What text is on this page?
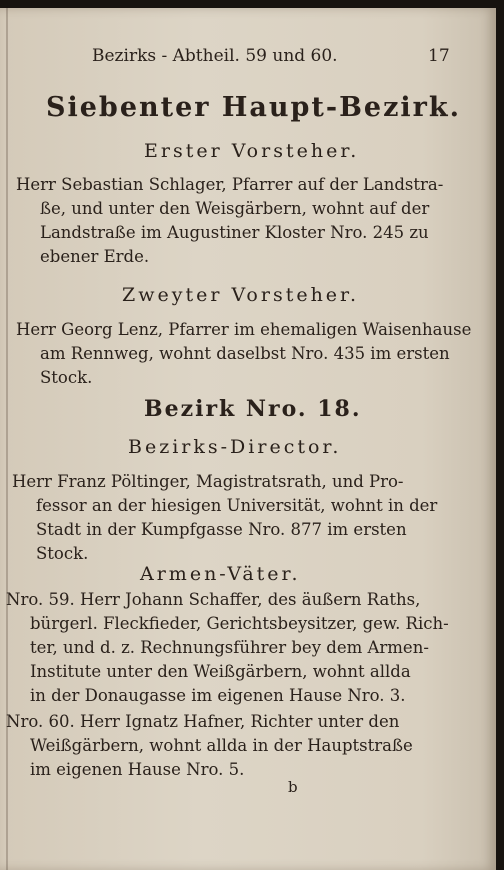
Bezirks - Abtheil. 59 und 60.	17
Siebenter Haupt-Bezirk.
Erster Vorsteher.
Herr Sebastian Schlager, Pfarrer auf der Landstra-
ße, und unter den Weisgärbern, wohnt auf der
Landstraße im Augustiner Kloster Nro. 245 zu
ebener Erde.
Zweyter Vorsteher.
Herr Georg Lenz, Pfarrer im ehemaligen Waisenhause
am Rennweg, wohnt daselbst Nro. 435 im ersten
Stock.
Bezirk Nro. 18.
Bezirks-Director.
Herr Franz Pöltinger, Magistratsrath, und Pro-
fessor an der hiesigen Universität, wohnt in der
Stadt in der Kumpfgasse Nro. 877 im ersten
Stock.
Armen-Väter.
Nro. 59. Herr Johann Schaffer, des äußern Raths,
bürgerl. Fleckfieder, Gerichtsbeysitzer, gew. Rich-
ter, und d. z. Rechnungsführer bey dem Armen-
Institute unter den Weißgärbern, wohnt allda
in der Donaugasse im eigenen Hause Nro. 3.
Nro. 60. Herr Ignatz Hafner, Richter unter den
Weißgärbern, wohnt allda in der Hauptstraße
im eigenen Hause Nro. 5.
b
